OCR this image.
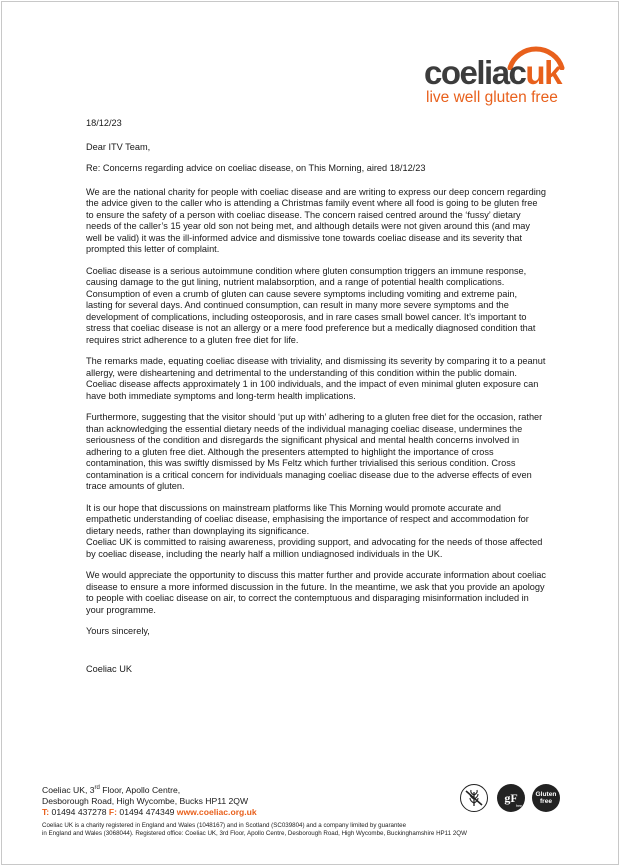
coeliacuk
live well gluten free

18/12/23

Dear ITV Team,

Re: Concerns regarding advice on coeliac disease, on This Morning, aired 18/12/23

We are the national charity for people with coeliac disease and are writing to express our deep concern regarding the advice given to the caller who is attending a Christmas family event where all food is going to be gluten free to ensure the safety of a person with coeliac disease. The concern raised centred around the ‘fussy’ dietary needs of the caller’s 15 year old son not being met, and although details were not given around this (and may well be valid) it was the ill-informed advice and dismissive tone towards coeliac disease and its severity that prompted this letter of complaint.

Coeliac disease is a serious autoimmune condition where gluten consumption triggers an immune response, causing damage to the gut lining, nutrient malabsorption, and a range of potential health complications. Consumption of even a crumb of gluten can cause severe symptoms including vomiting and extreme pain, lasting for several days. And continued consumption, can result in many more severe symptoms and the development of complications, including osteoporosis, and in rare cases small bowel cancer. It’s important to stress that coeliac disease is not an allergy or a mere food preference but a medically diagnosed condition that requires strict adherence to a gluten free diet for life.

The remarks made, equating coeliac disease with triviality, and dismissing its severity by comparing it to a peanut allergy, were disheartening and detrimental to the understanding of this condition within the public domain. Coeliac disease affects approximately 1 in 100 individuals, and the impact of even minimal gluten exposure can have both immediate symptoms and long-term health implications.

Furthermore, suggesting that the visitor should ‘put up with’ adhering to a gluten free diet for the occasion, rather than acknowledging the essential dietary needs of the individual managing coeliac disease, undermines the seriousness of the condition and disregards the significant physical and mental health concerns involved in adhering to a gluten free diet. Although the presenters attempted to highlight the importance of cross contamination, this was swiftly dismissed by Ms Feltz which further trivialised this serious condition. Cross contamination is a critical concern for individuals managing coeliac disease due to the adverse effects of even trace amounts of gluten.

It is our hope that discussions on mainstream platforms like This Morning would promote accurate and empathetic understanding of coeliac disease, emphasising the importance of respect and accommodation for dietary needs, rather than downplaying its significance.
Coeliac UK is committed to raising awareness, providing support, and advocating for the needs of those affected by coeliac disease, including the nearly half a million undiagnosed individuals in the UK.

We would appreciate the opportunity to discuss this matter further and provide accurate information about coeliac disease to ensure a more informed discussion in the future. In the meantime, we ask that you provide an apology to people with coeliac disease on air, to correct the contemptuous and disparaging misinformation included in your programme.

Yours sincerely,

Coeliac UK

Coeliac UK, 3rd Floor, Apollo Centre,
Desborough Road, High Wycombe, Bucks HP11 2QW
T: 01494 437278 F: 01494 474349 www.coeliac.org.uk
gF
free
Gluten
free
Coeliac UK is a charity registered in England and Wales (1048167) and in Scotland (SC039804) and a company limited by guarantee
in England and Wales (3068044). Registered office: Coeliac UK, 3rd Floor, Apollo Centre, Desborough Road, High Wycombe, Buckinghamshire HP11 2QW
